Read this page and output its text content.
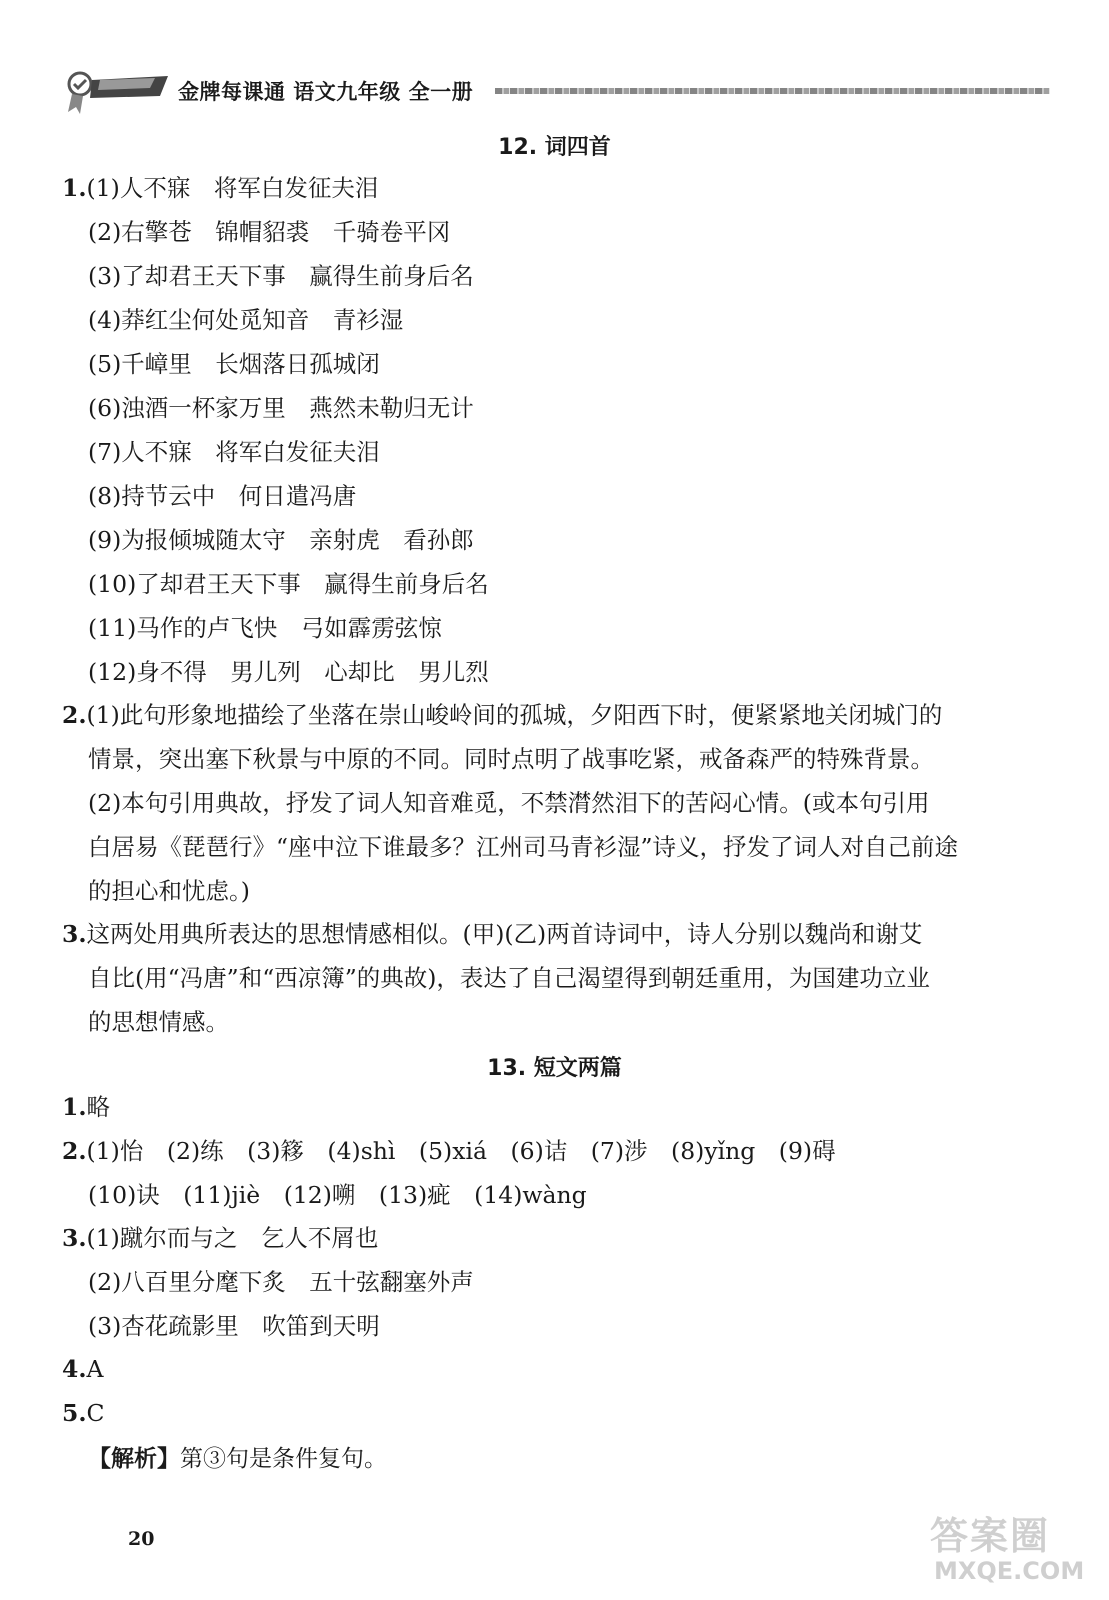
金牌每课通 语文九年级 全一册
12. 词四首
1.(1)人不寐　将军白发征夫泪
(2)右擎苍　锦帽貂裘　千骑卷平冈
(3)了却君王天下事　赢得生前身后名
(4)莽红尘何处觅知音　青衫湿
(5)千嶂里　长烟落日孤城闭
(6)浊酒一杯家万里　燕然未勒归无计
(7)人不寐　将军白发征夫泪
(8)持节云中　何日遣冯唐
(9)为报倾城随太守　亲射虎　看孙郎
(10)了却君王天下事　赢得生前身后名
(11)马作的卢飞快　弓如霹雳弦惊
(12)身不得　男儿列　心却比　男儿烈
2.(1)此句形象地描绘了坐落在崇山峻岭间的孤城，夕阳西下时，便紧紧地关闭城门的
情景，突出塞下秋景与中原的不同。同时点明了战事吃紧，戒备森严的特殊背景。
(2)本句引用典故，抒发了词人知音难觅，不禁潸然泪下的苦闷心情。(或本句引用
白居易《琵琶行》“座中泣下谁最多？江州司马青衫湿”诗义，抒发了词人对自己前途
的担心和忧虑。)
3.这两处用典所表达的思想情感相似。(甲)(乙)两首诗词中，诗人分别以魏尚和谢艾
自比(用“冯唐”和“西凉簿”的典故)，表达了自己渴望得到朝廷重用，为国建功立业
的思想情感。
13. 短文两篇
1.略
2.(1)怡　(2)练　(3)簃　(4)shì　(5)xiá　(6)诘　(7)涉　(8)yǐng　(9)碍
(10)诀　(11)jiè　(12)嗍　(13)疵　(14)wàng
3.(1)蹴尔而与之　乞人不屑也
(2)八百里分麾下炙　五十弦翻塞外声
(3)杏花疏影里　吹笛到天明
4.A
5.C
【解析】第③句是条件复句。
20	答案圈
MXQE.COM
